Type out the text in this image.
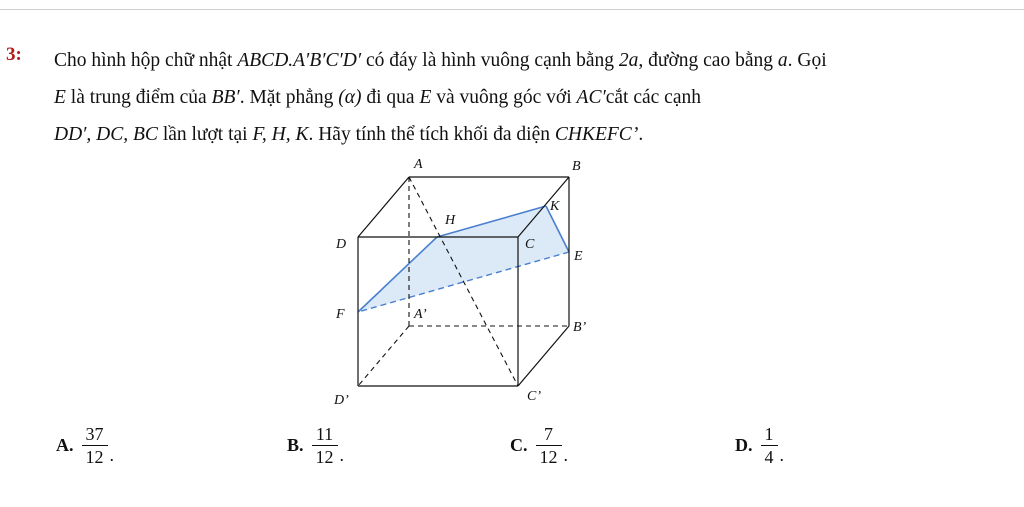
3: Cho hình hộp chữ nhật ABCD.A′B′C′D′ có đáy là hình vuông cạnh bằng 2a, đường cao bằng a. Gọi
E là trung điểm của BB′. Mặt phẳng (α) đi qua E và vuông góc với AC′cắt các cạnh
DD′, DC, BC lần lượt tại F, H, K. Hãy tính thể tích khối đa diện CHKEFC’.
A	B
D	C
H
K
E
F	A’
B’
D’	C’
A. $\frac{37}{12}$ .	B. $\frac{11}{12}$ .	C. $\frac{7}{12}$ .	D. $\frac{1}{4}$ .
